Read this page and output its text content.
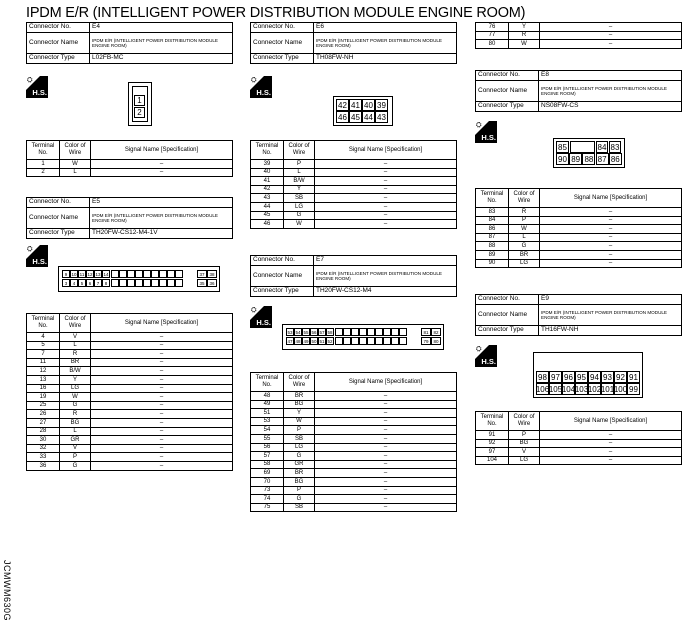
IPDM E/R (INTELLIGENT POWER DISTRIBUTION MODULE ENGINE ROOM)
JCMWM630G
Connector No.	E4
Connector Name	IPDM E/R (INTELLIGENT POWER DISTRIBUTION MODULE ENGINE ROOM)
Connector Type	L02FB-MC
⛭
H.S.
1
2
Terminal No.	Color of Wire	Signal Name [Specification]
1	W	–
2	L	–
Connector No.	E5
Connector Name	IPDM E/R (INTELLIGENT POWER DISTRIBUTION MODULE ENGINE ROOM)
Connector Type	TH20FW-CS12-M4-1V
⛭
H.S.
9 10 11 12 13 14	37	38
3	4	5	6	7	8	35	36
Terminal No.	Color of Wire	Signal Name [Specification]
4	V	–
5	L	–
7	R	–
11	BR	–
12	B/W	–
13	Y	–
16	LG	–
19	W	–
25	G	–
26	R	–
27	BG	–
28	L	–
30	GR	–
32	V	–
33	P	–
36	G	–
Connector No.	E6
Connector Name	IPDM E/R (INTELLIGENT POWER DISTRIBUTION MODULE ENGINE ROOM)
Connector Type	TH08FW-NH
⛭
H.S.
42 41 40 39
46 45 44 43
Terminal No.	Color of Wire	Signal Name [Specification]
39	P	–
40	L	–
41	B/W	–
42	Y	–
43	SB	–
44	LG	–
45	G	–
46	W	–
Connector No.	E7
Connector Name	IPDM E/R (INTELLIGENT POWER DISTRIBUTION MODULE ENGINE ROOM)
Connector Type	TH20FW-CS12-M4
⛭
H.S.
53 54 55 56 57 58	81	82
47 48 49 50 51 52	79	80
Terminal No.	Color of Wire	Signal Name [Specification]
48	BR	–
49	BG	–
51	Y	–
53	W	–
54	P	–
55	SB	–
56	LG	–
57	G	–
58	GR	–
69	BR	–
70	BG	–
73	P	–
74	G	–
75	SB	–
76	Y	–
77	R	–
80	W	–
Connector No.	E8
Connector Name	IPDM E/R (INTELLIGENT POWER DISTRIBUTION MODULE ENGINE ROOM)
Connector Type	NS08FW-CS
⛭
H.S.
85	84 83
90 89 88 87 86
Terminal No.	Color of Wire	Signal Name [Specification]
83	R	–
84	P	–
86	W	–
87	L	–
88	G	–
89	BR	–
90	LG	–
Connector No.	E9
Connector Name	IPDM E/R (INTELLIGENT POWER DISTRIBUTION MODULE ENGINE ROOM)
Connector Type	TH16FW-NH
⛭
H.S.
98 97 96 95 94 93 92 91
106 105 104 103 102 101 100 99
Terminal No.	Color of Wire	Signal Name [Specification]
91	P	–
92	BG	–
97	V	–
104	LG	–
